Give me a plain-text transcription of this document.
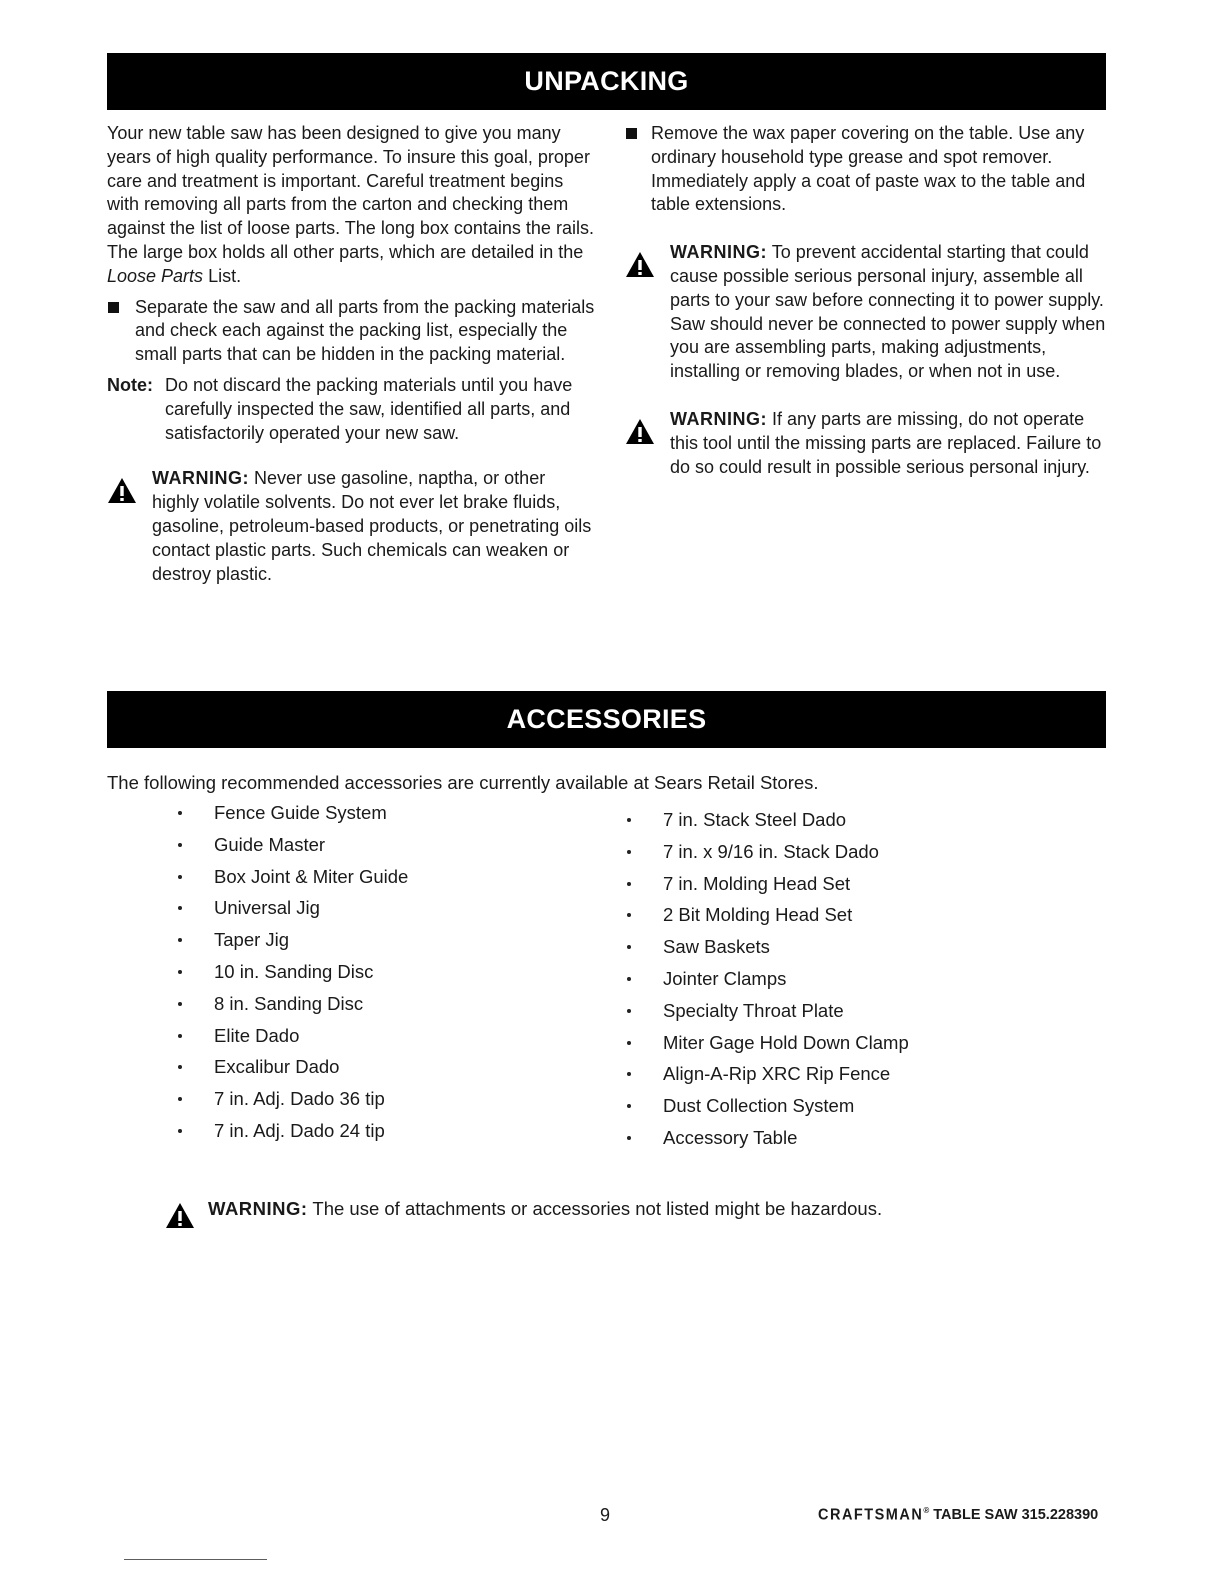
UNPACKING

Your new table saw has been designed to give you many years of high quality performance. To insure this goal, proper care and treatment is important. Careful treatment begins with removing all parts from the carton and checking them against the list of loose parts. The long box contains the rails. The large box holds all other parts, which are detailed in the Loose Parts List.

Separate the saw and all parts from the packing materials and check each against the packing list, especially the small parts that can be hidden in the packing material.
Note: Do not discard the packing materials until you have carefully inspected the saw, identified all parts, and satisfactorily operated your new saw.
WARNING: Never use gasoline, naptha, or other highly volatile solvents. Do not ever let brake fluids, gasoline, petroleum-based products, or penetrating oils contact plastic parts. Such chemicals can weaken or destroy plastic.
Remove the wax paper covering on the table. Use any ordinary household type grease and spot remover. Immediately apply a coat of paste wax to the table and table extensions.
WARNING: To prevent accidental starting that could cause possible serious personal injury, assemble all parts to your saw before connecting it to power supply. Saw should never be connected to power supply when you are assembling parts, making adjustments, installing or removing blades, or when not in use.
WARNING: If any parts are missing, do not operate this tool until the missing parts are replaced. Failure to do so could result in possible serious personal injury.
ACCESSORIES
The following recommended accessories are currently available at Sears Retail Stores.
Fence Guide System
Guide Master
Box Joint & Miter Guide
Universal Jig
Taper Jig
10 in. Sanding Disc
8 in. Sanding Disc
Elite Dado
Excalibur Dado
7 in. Adj. Dado 36 tip
7 in. Adj. Dado 24 tip
7 in. Stack Steel Dado
7 in. x 9/16 in. Stack Dado
7 in. Molding Head Set
2 Bit Molding Head Set
Saw Baskets
Jointer Clamps
Specialty Throat Plate
Miter Gage Hold Down Clamp
Align-A-Rip XRC Rip Fence
Dust Collection System
Accessory Table
WARNING: The use of attachments or accessories not listed might be hazardous.
9	CRAFTSMAN® TABLE SAW 315.228390
